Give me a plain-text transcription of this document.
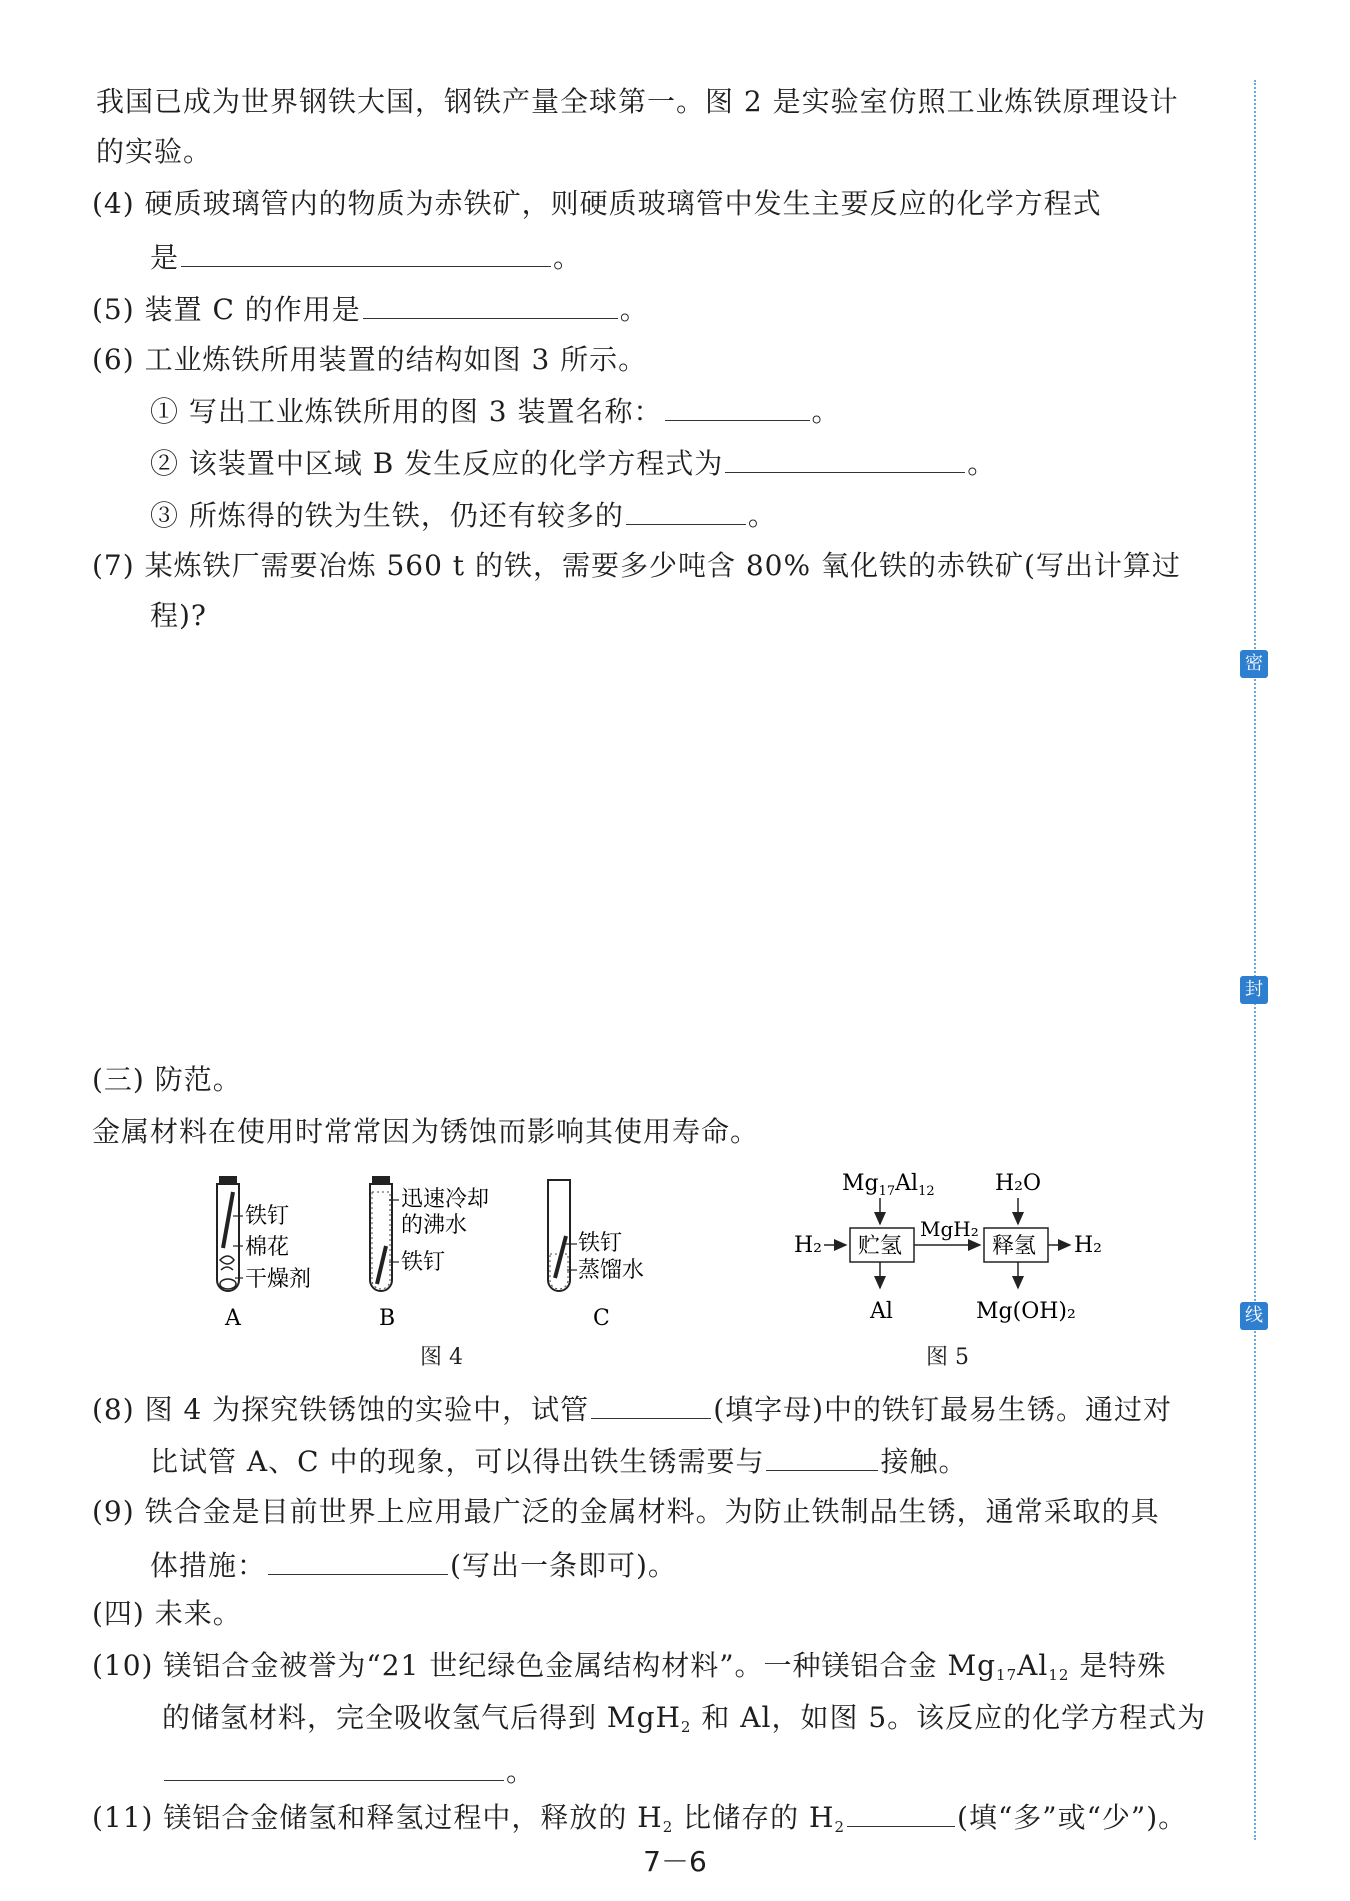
密
封
线
我国已成为世界钢铁大国，钢铁产量全球第一。图 2 是实验室仿照工业炼铁原理设计
的实验。
(4) 硬质玻璃管内的物质为赤铁矿，则硬质玻璃管中发生主要反应的化学方程式
是	。
(5) 装置 C 的作用是	。
(6) 工业炼铁所用装置的结构如图 3 所示。
① 写出工业炼铁所用的图 3 装置名称：	。
② 该装置中区域 B 发生反应的化学方程式为	。
③ 所炼得的铁为生铁，仍还有较多的	。
(7) 某炼铁厂需要冶炼 560 t 的铁，需要多少吨含 80% 氧化铁的赤铁矿(写出计算过
程)?
(三) 防范。
金属材料在使用时常常因为锈蚀而影响其使用寿命。
铁钉
棉花
干燥剂
A
迅速冷却
的沸水
铁钉
B
铁钉
蒸馏水
C
图 4
$Mg_{17}Al_{12}$	H₂O
H₂ 贮氢
MgH₂
释氢 H₂
Al	Mg(OH)₂
图 5
(8) 图 4 为探究铁锈蚀的实验中，试管	(填字母)中的铁钉最易生锈。通过对
比试管 A、C 中的现象，可以得出铁生锈需要与	接触。
(9) 铁合金是目前世界上应用最广泛的金属材料。为防止铁制品生锈，通常采取的具
体措施：	(写出一条即可)。
(四) 未来。
(10) 镁铝合金被誉为“21 世纪绿色金属结构材料”。一种镁铝合金 $Mg_{17}Al_{12}$ 是特殊
的储氢材料，完全吸收氢气后得到 MgH$_2$ 和 Al，如图 5。该反应的化学方程式为
。
(11) 镁铝合金储氢和释氢过程中，释放的 $H_2$ 比储存的 $H_2$	(填“多”或“少”)。
7－6
